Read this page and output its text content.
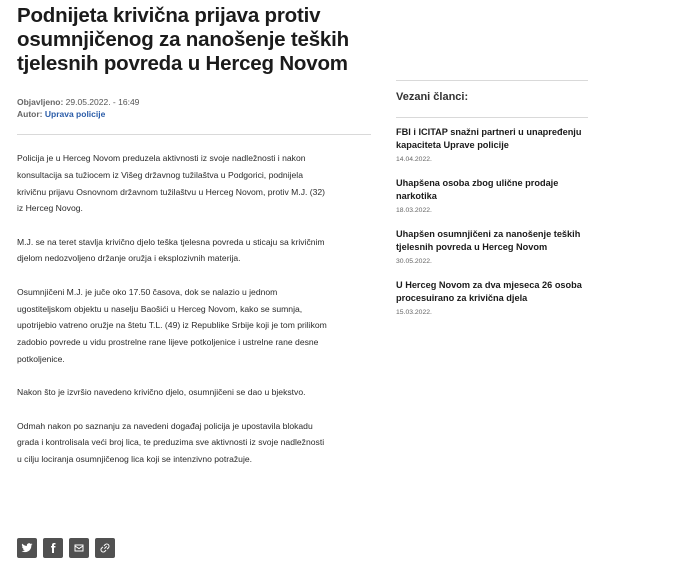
Podnijeta krivična prijava protiv osumnjičenog za nanošenje teških tjelesnih povreda u Herceg Novom
Objavljeno: 29.05.2022. - 16:49
Autor: Uprava policije

Policija je u Herceg Novom preduzela aktivnosti iz svoje nadležnosti i nakon konsultacija sa tužiocem iz Višeg državnog tužilaštva u Podgorici, podnijela krivičnu prijavu Osnovnom državnom tužilaštvu u Herceg Novom, protiv M.J. (32) iz Herceg Novog.

M.J. se na teret stavlja krivično djelo teška tjelesna povreda u sticaju sa krivičnim djelom nedozvoljeno držanje oružja i eksplozivnih materija.

Osumnjičeni M.J. je juče oko 17.50 časova, dok se nalazio u jednom ugostiteljskom objektu u naselju Baošići u Herceg Novom, kako se sumnja, upotrijebio vatreno oružje na štetu T.L. (49) iz Republike Srbije koji je tom prilikom zadobio povrede u vidu prostrelne rane lijeve potkoljenice i ustrelne rane desne potkoljenice.

Nakon što je izvršio navedeno krivično djelo, osumnjičeni se dao u bjekstvo.

Odmah nakon po saznanju za navedeni događaj policija je upostavila blokadu grada i kontrolisala veći broj lica, te preduzima sve aktivnosti iz svoje nadležnosti u cilju lociranja osumnjičenog lica koji se intenzivno potražuje.

Vezani članci:
FBI i ICITAP snažni partneri u unapređenju kapaciteta Uprave policije
14.04.2022.
Uhapšena osoba zbog ulične prodaje narkotika
18.03.2022.
Uhapšen osumnjičeni za nanošenje teških tjelesnih povreda u Herceg Novom
30.05.2022.
U Herceg Novom za dva mjeseca 26 osoba procesuirano za krivična djela
15.03.2022.
